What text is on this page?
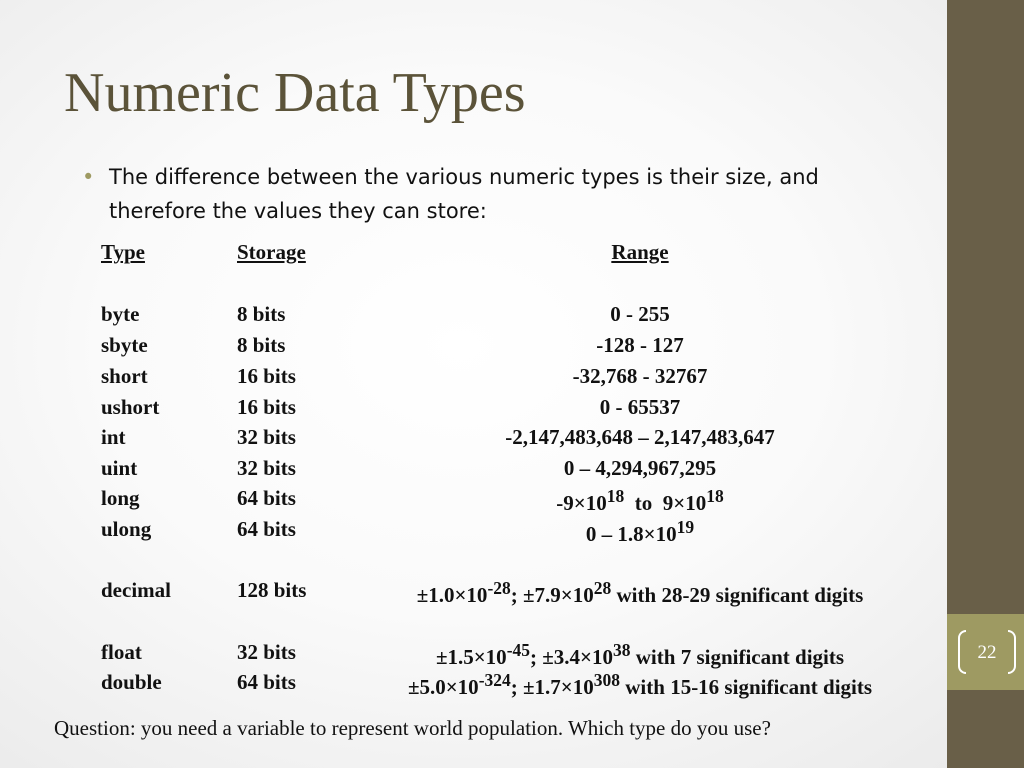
22
Numeric Data Types
• The difference between the various numeric types is their size, and therefore the values they can store:
Type	Storage	Range
byte	8 bits	0 - 255
sbyte	8 bits	-128 - 127
short	16 bits	-32,768 - 32767
ushort	16 bits	0 - 65537
int	32 bits	-2,147,483,648 – 2,147,483,647
uint	32 bits	0 – 4,294,967,295
long	64 bits	$-9\times 10^{18}$  to  $9\times 10^{18}$
ulong	64 bits	$0 - 1.8\times 10^{19}$
decimal	128 bits	$\pm 1.0\times 10^{-28}$; $\pm 7.9\times 10^{28}$ with 28-29 significant digits
float	32 bits	$\pm 1.5\times 10^{-45}$; $\pm 3.4\times 10^{38}$ with 7 significant digits
double	64 bits	$\pm 5.0\times 10^{-324}$; $\pm 1.7\times 10^{308}$ with 15-16 significant digits
Question: you need a variable to represent world population. Which type do you use?
